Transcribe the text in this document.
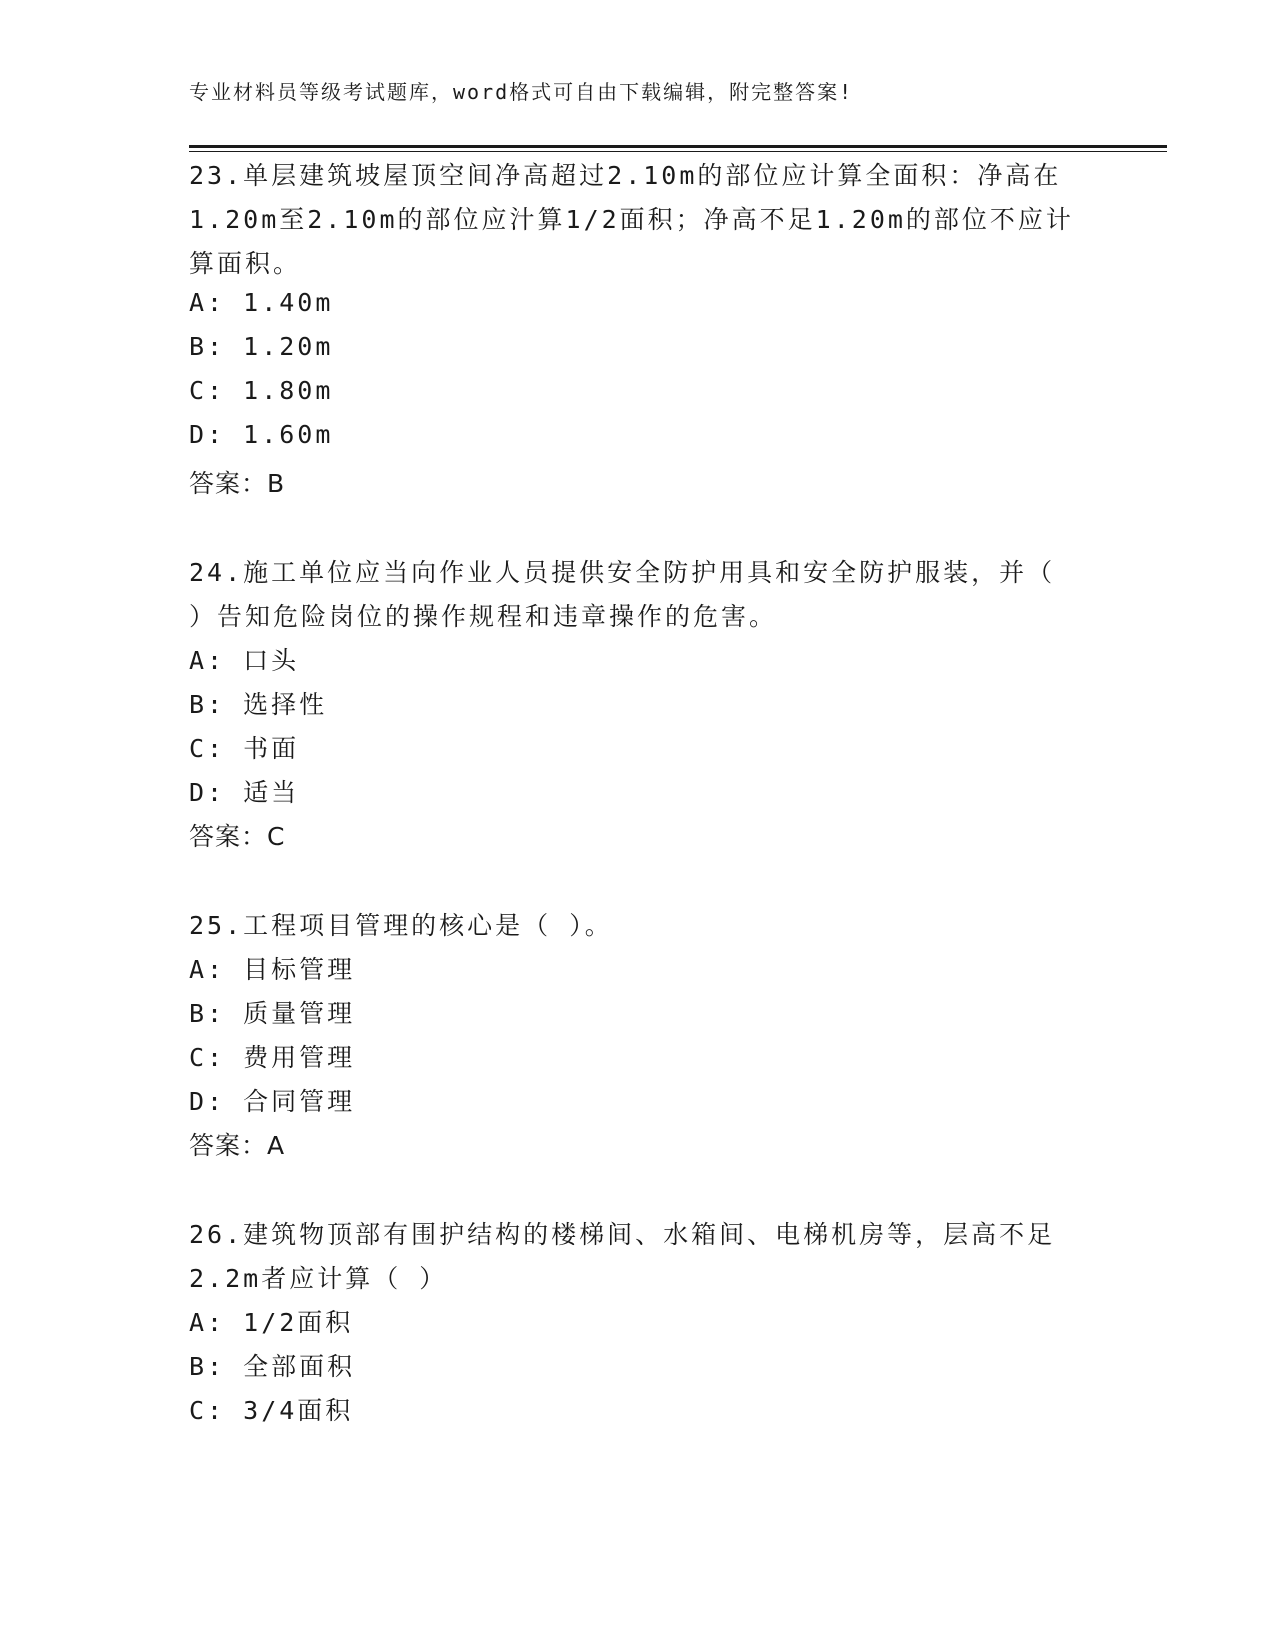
专业材料员等级考试题库，word格式可自由下载编辑，附完整答案!
23.单层建筑坡屋顶空间净高超过2.10m的部位应计算全面积：净高在
1.20m至2.10m的部位应汁算1/2面积；净高不足1.20m的部位不应计
算面积。
A: 1.40m
B: 1.20m
C: 1.80m
D: 1.60m
答案：B
24.施工单位应当向作业人员提供安全防护用具和安全防护服装，并（
）告知危险岗位的操作规程和违章操作的危害。
A: 口头
B: 选择性
C: 书面
D: 适当
答案：C
25.工程项目管理的核心是（ ）。
A: 目标管理
B: 质量管理
C: 费用管理
D: 合同管理
答案：A
26.建筑物顶部有围护结构的楼梯间、水箱间、电梯机房等，层高不足
2.2m者应计算（ ）
A: 1/2面积
B: 全部面积
C: 3/4面积
